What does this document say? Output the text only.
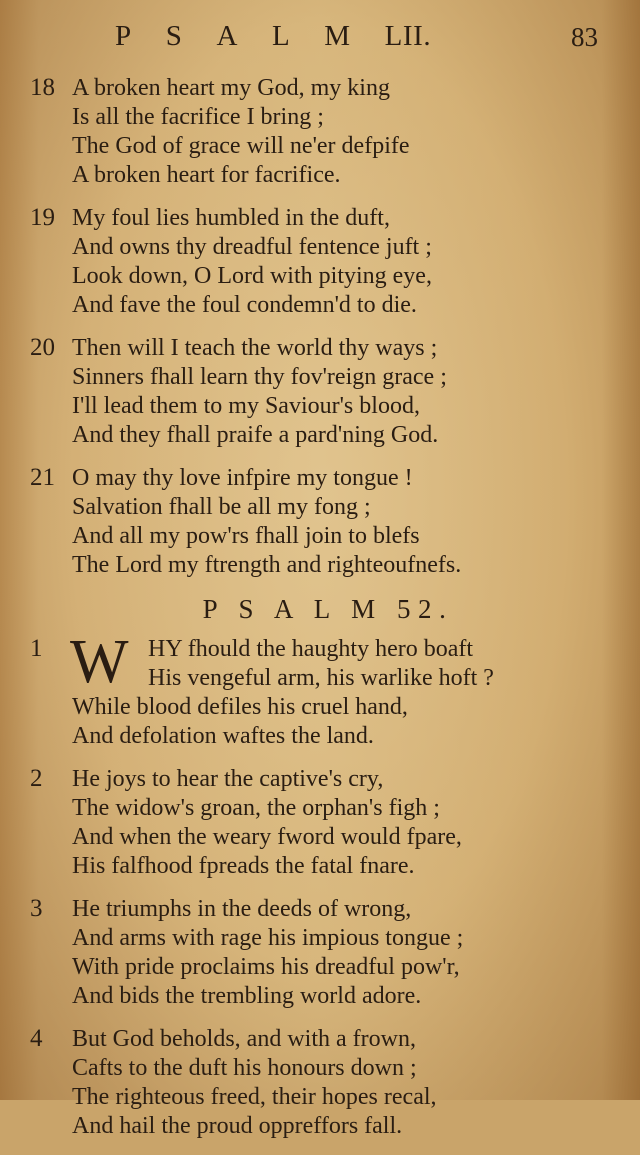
P S A L M LII.	83
18 A broken heart my God, my king
Is all the facrifice I bring ;
The God of grace will ne'er defpife
A broken heart for facrifice.
19 My foul lies humbled in the duft,
And owns thy dreadful fentence juft ;
Look down, O Lord with pitying eye,
And fave the foul condemn'd to die.
20 Then will I teach the world thy ways ;
Sinners fhall learn thy fov'reign grace ;
I'll lead them to my Saviour's blood,
And they fhall praife a pard'ning God.
21 O may thy love infpire my tongue !
Salvation fhall be all my fong ;
And all my pow'rs fhall join to blefs
The Lord my ftrength and righteoufnefs.
P S A L M 52.
1 W HY fhould the haughty hero boaft
His vengeful arm, his warlike hoft ?
While blood defiles his cruel hand,
And defolation waftes the land.
2	He joys to hear the captive's cry,
The widow's groan, the orphan's figh ;
And when the weary fword would fpare,
His falfhood fpreads the fatal fnare.
3	He triumphs in the deeds of wrong,
And arms with rage his impious tongue ;
With pride proclaims his dreadful pow'r,
And bids the trembling world adore.
4	But God beholds, and with a frown,
Cafts to the duft his honours down ;
The righteous freed, their hopes recal,
And hail the proud oppreffors fall.
